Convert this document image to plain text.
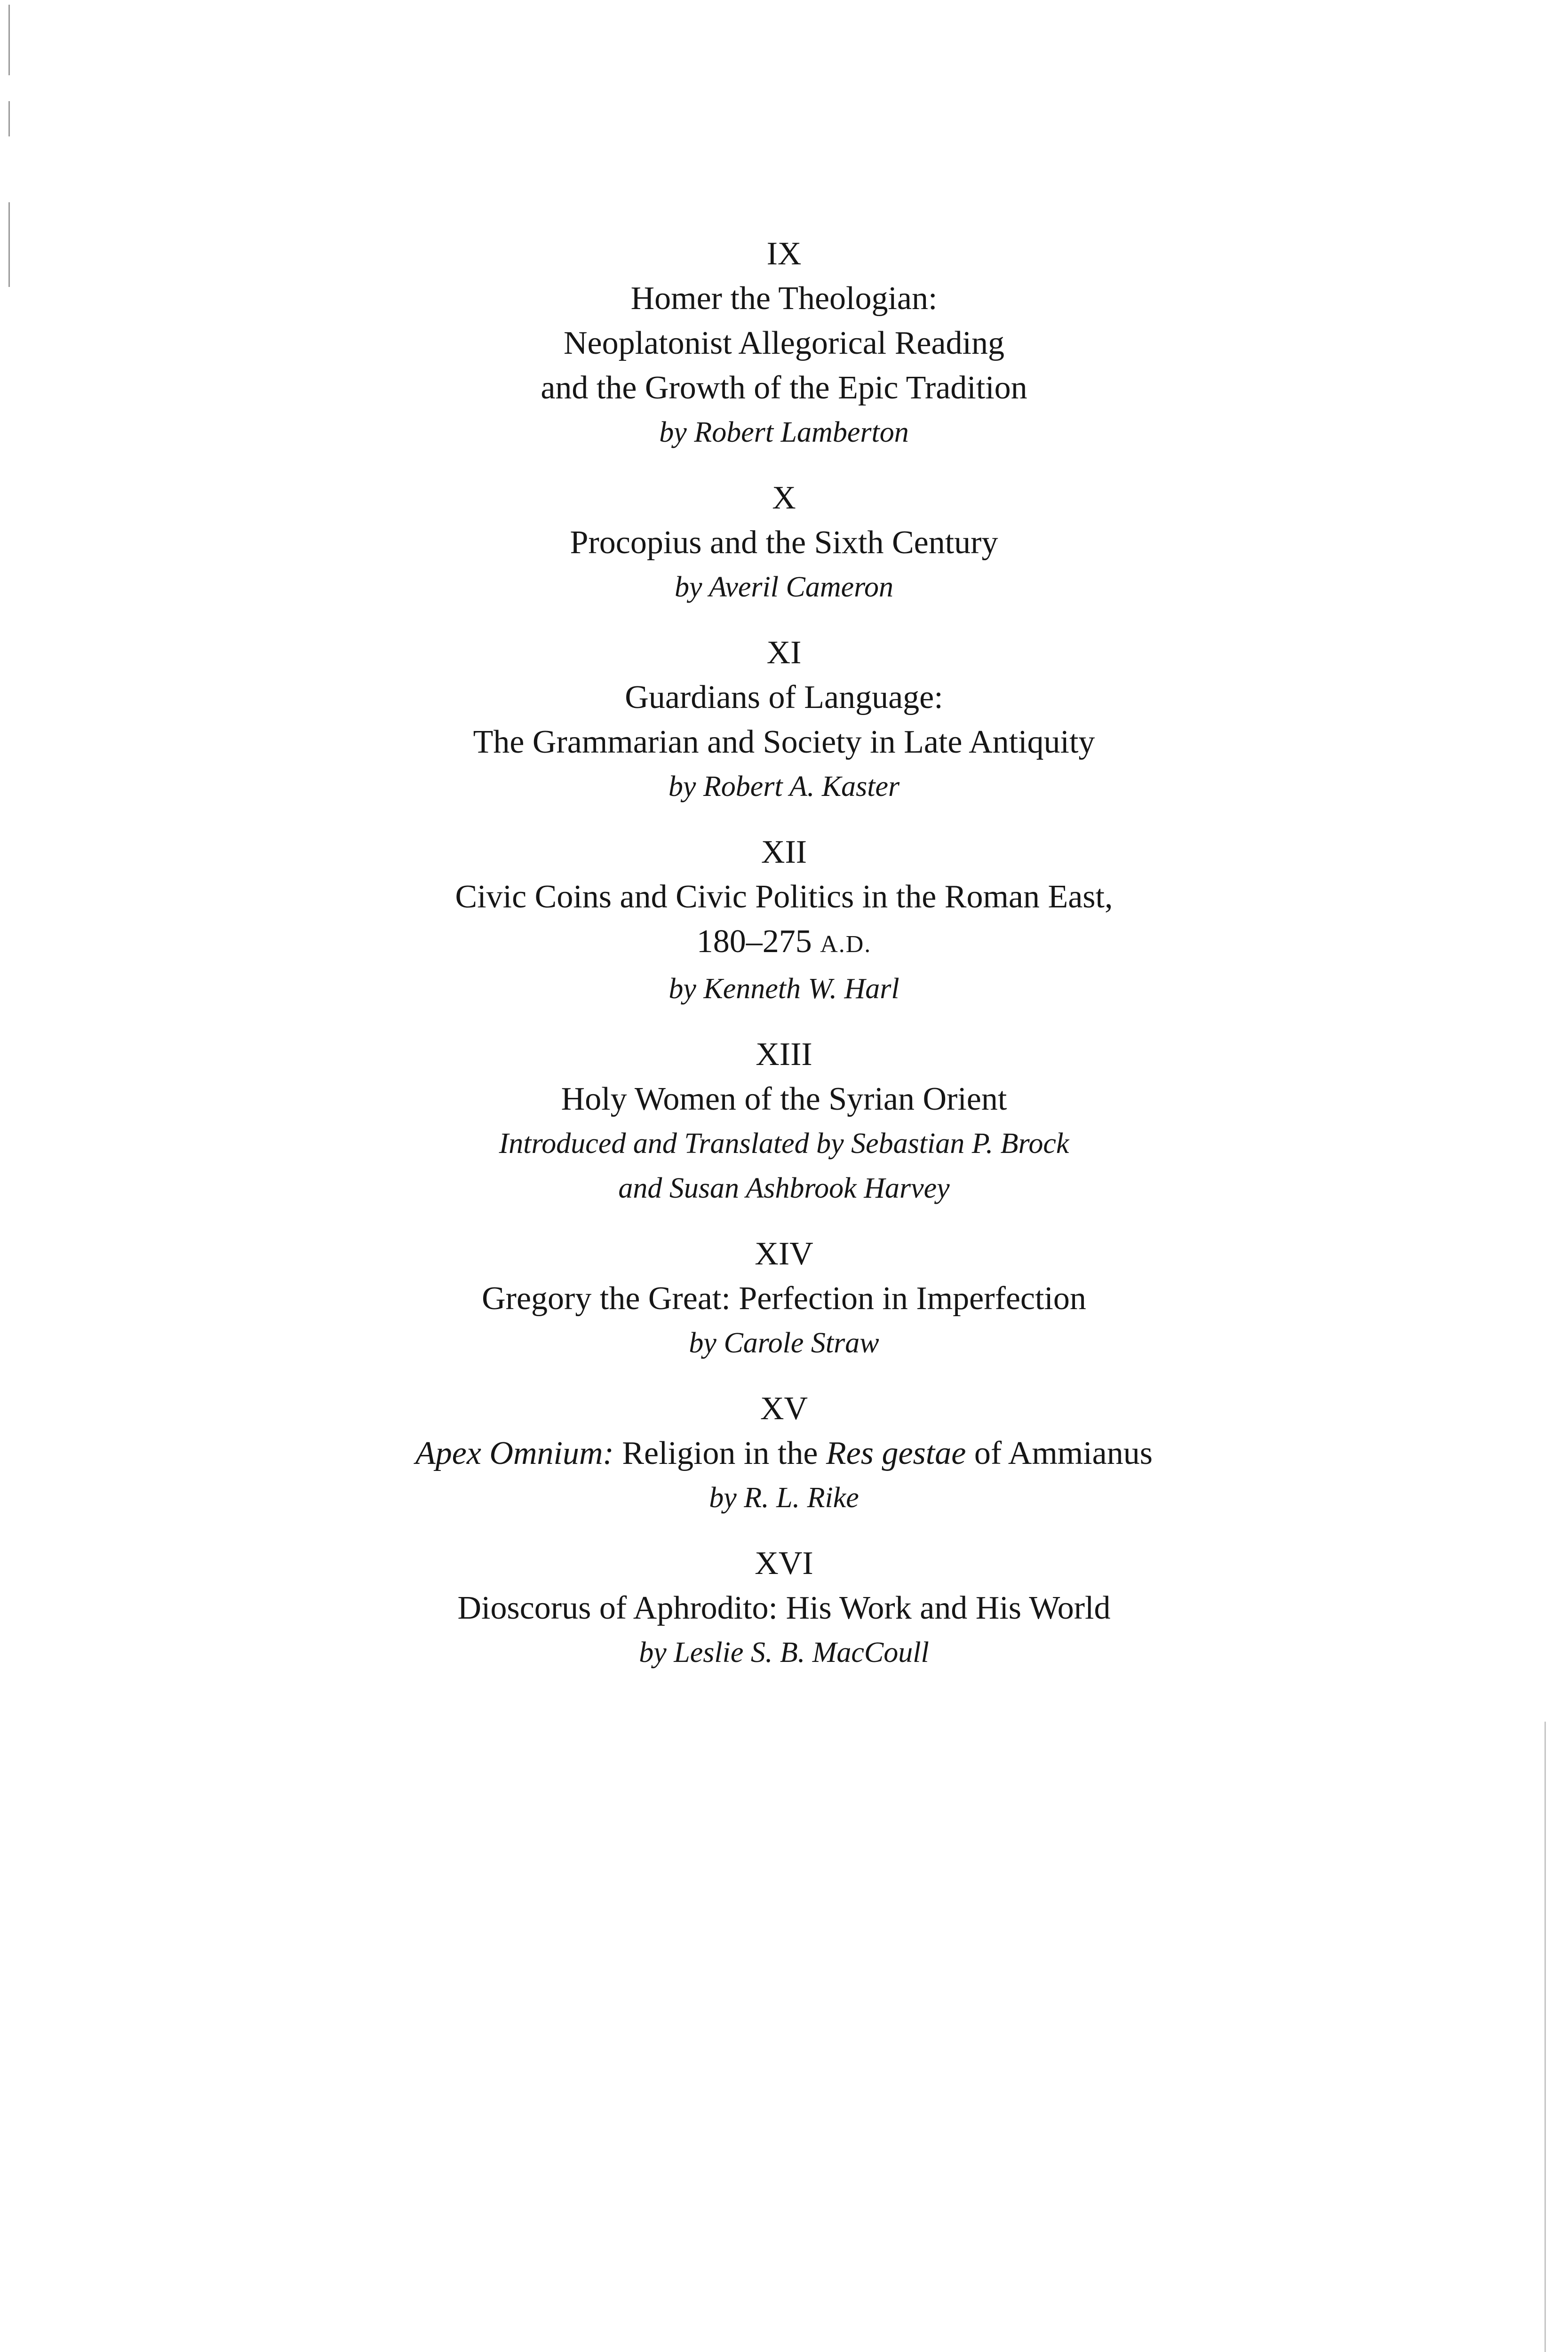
IX
Homer the Theologian:
Neoplatonist Allegorical Reading
and the Growth of the Epic Tradition
by Robert Lamberton
X
Procopius and the Sixth Century
by Averil Cameron
XI
Guardians of Language:
The Grammarian and Society in Late Antiquity
by Robert A. Kaster
XII
Civic Coins and Civic Politics in the Roman East,
180–275 A.D.
by Kenneth W. Harl
XIII
Holy Women of the Syrian Orient
Introduced and Translated by Sebastian P. Brock
and Susan Ashbrook Harvey
XIV
Gregory the Great: Perfection in Imperfection
by Carole Straw
XV
Apex Omnium: Religion in the Res gestae of Ammianus
by R. L. Rike
XVI
Dioscorus of Aphrodito: His Work and His World
by Leslie S. B. MacCoull
